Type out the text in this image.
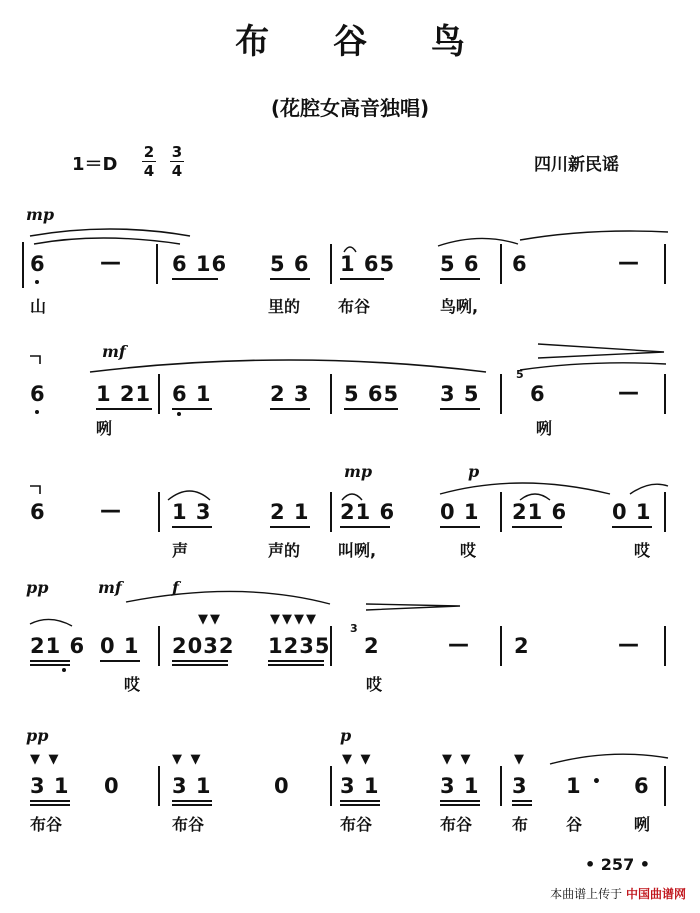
布 谷 鸟
(花腔女高音独唱)
1＝D
2
4
3
4	四川新民谣
mp
6	— 6 16 5 6 1 65 5 6 6	—
山	里的 布谷	鸟咧,
mf
6 1 21 6 1	2 3 5 65 3 5
5
6	—
咧	咧
mp	p
6	— 1 3	2 1 21 6 0 1 21 6 0 1
声	声的 叫咧,	哎	哎
pp	mf	f
▼▼	▼▼▼▼
21 6 0 1 2032 1235
3
2	— 2	—
哎	哎
pp	p
▼ ▼	▼ ▼	▼ ▼	▼ ▼	▼
3 1 0 3 1	0 3 1	3 1 3 1 • 6
布谷	布谷	布谷	布谷 布 谷	咧
• 257 •
本曲谱上传于 中国曲谱网
